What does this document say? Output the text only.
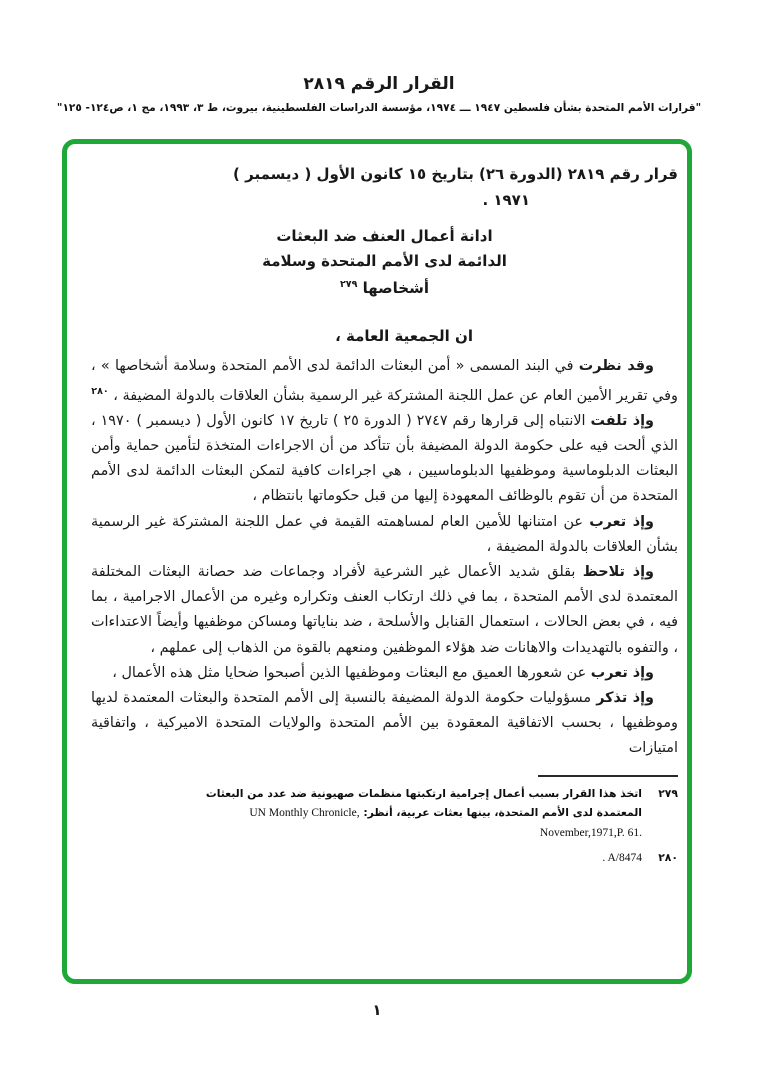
القرار الرقم ٢٨١٩
"قرارات الأمم المتحدة بشأن فلسطين ١٩٤٧ ـــ ١٩٧٤، مؤسسة الدراسات الفلسطينية، بيروت، ط ٣، ١٩٩٣، مج ١، ص١٢٤- ١٢٥"
قرار رقم ٢٨١٩ (الدورة ٢٦) بتاريخ ١٥ كانون الأول ( ديسمبر )
١٩٧١ .
ادانة أعمال العنف ضد البعثات
الدائمة لدى الأمم المتحدة وسلامة
أشخاصها $^{٢٧٩}$
ان الجمعية العامة ،

وقد نظرت في البند المسمى « أمن البعثات الدائمة لدى الأمم المتحدة وسلامة أشخاصها » ، وفي تقرير الأمين العام عن عمل اللجنة المشتركة غير الرسمية بشأن العلاقات بالدولة المضيفة ، $^{٢٨٠}$

وإذ تلفت الانتباه إلى قرارها رقم ٢٧٤٧ ( الدورة ٢٥ ) تاريخ ١٧ كانون الأول ( ديسمبر ) ١٩٧٠ ، الذي ألحت فيه على حكومة الدولة المضيفة بأن تتأكد من أن الاجراءات المتخذة لتأمين حماية وأمن البعثات الدبلوماسية وموظفيها الدبلوماسيين ، هي اجراءات كافية لتمكن البعثات الدائمة لدى الأمم المتحدة من أن تقوم بالوظائف المعهودة إليها من قبل حكوماتها بانتظام ،

وإذ تعرب عن امتنانها للأمين العام لمساهمته القيمة في عمل اللجنة المشتركة غير الرسمية بشأن العلاقات بالدولة المضيفة ،

وإذ تلاحظ بقلق شديد الأعمال غير الشرعية لأفراد وجماعات ضد حصانة البعثات المختلفة المعتمدة لدى الأمم المتحدة ، بما في ذلك ارتكاب العنف وتكراره وغيره من الأعمال الاجرامية ، بما فيه ، في بعض الحالات ، استعمال القنابل والأسلحة ، ضد بناياتها ومساكن موظفيها وأيضاً الاعتداءات ، والتفوه بالتهديدات والاهانات ضد هؤلاء الموظفين ومنعهم بالقوة من الذهاب إلى عملهم ،

وإذ تعرب عن شعورها العميق مع البعثات وموظفيها الذين أصبحوا ضحايا مثل هذه الأعمال ،

وإذ تذكر مسؤوليات حكومة الدولة المضيفة بالنسبة إلى الأمم المتحدة والبعثات المعتمدة لديها وموظفيها ، بحسب الاتفاقية المعقودة بين الأمم المتحدة والولايات المتحدة الاميركية ، واتفاقية امتيازات

٢٧٩
اتخذ هذا القرار بسبب أعمال إجرامية ارتكبتها منظمات صهيونية ضد عدد من البعثات
المعتمدة لدى الأمم المتحدة، بينها بعثات عربية، أنظر: UN Monthly Chronicle,
November,1971,P. 61.
٢٨٠
. A/8474
١
